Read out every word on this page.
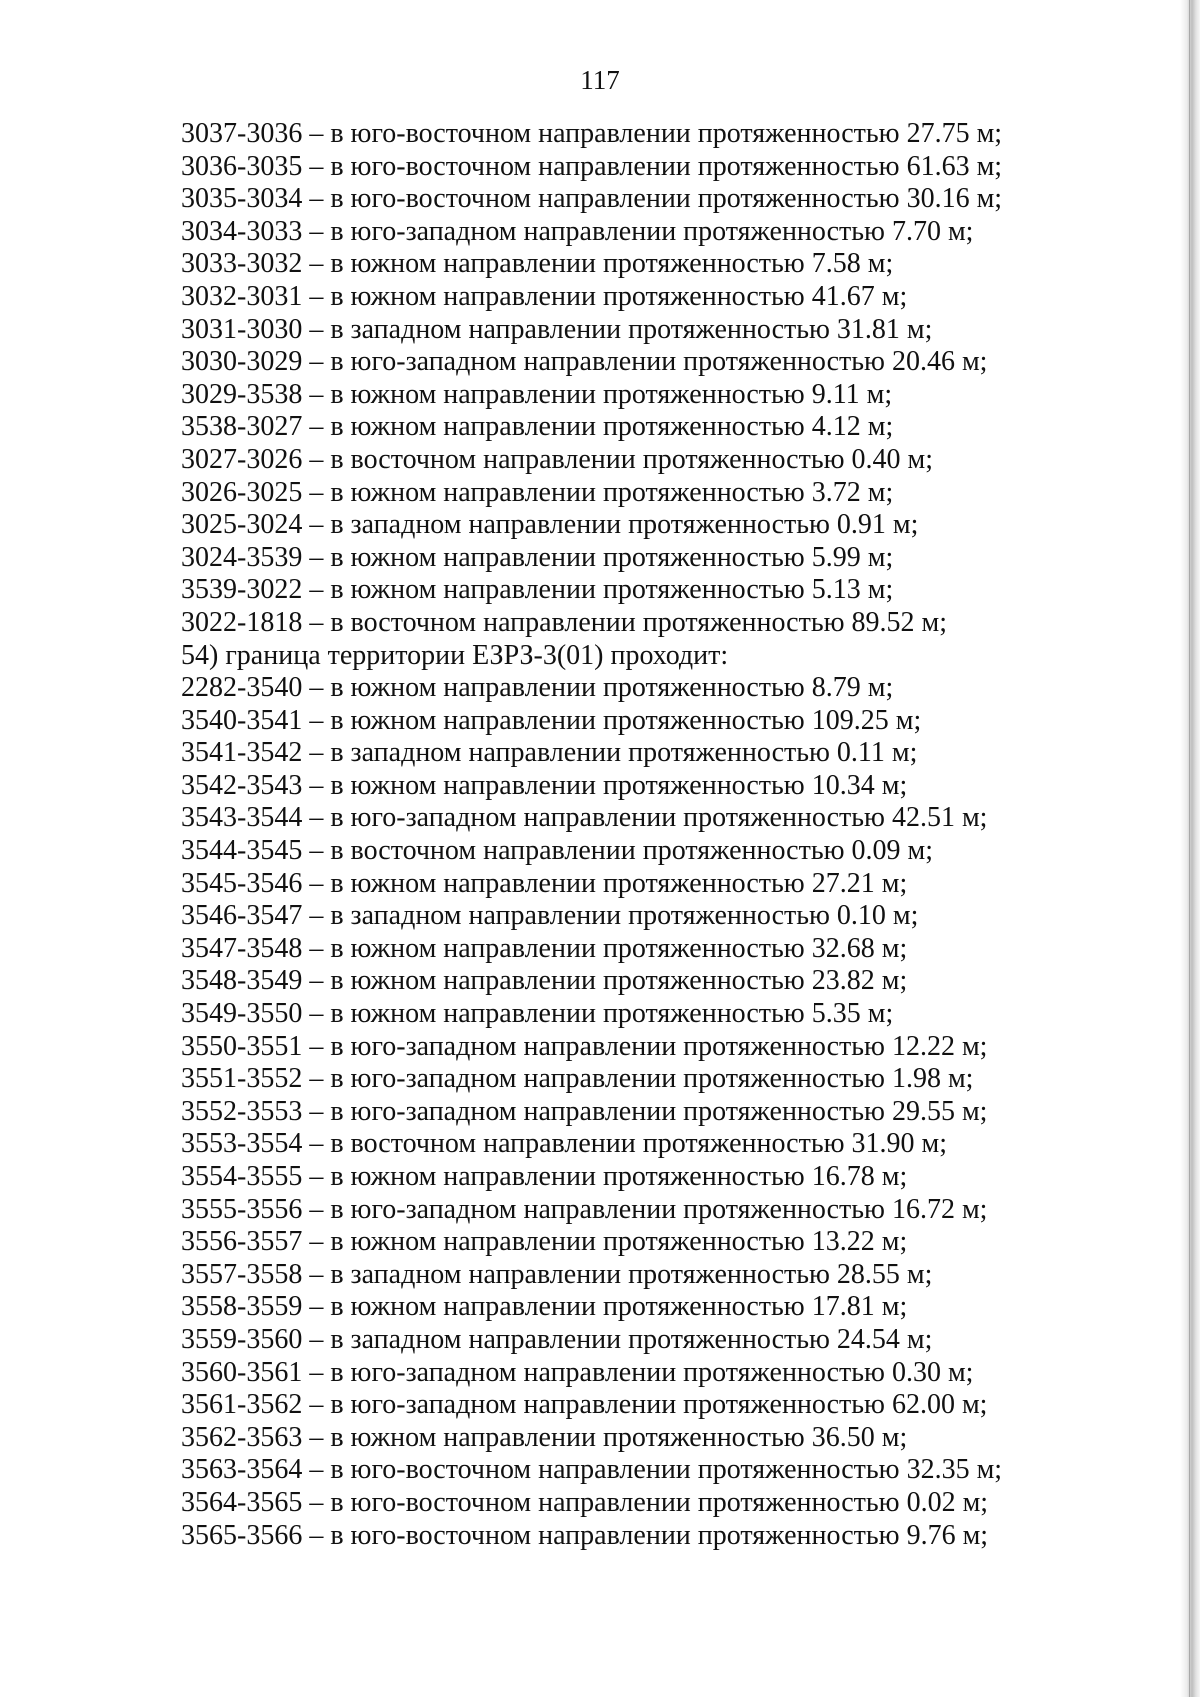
117
3037-3036 – в юго-восточном направлении протяженностью 27.75 м;
3036-3035 – в юго-восточном направлении протяженностью 61.63 м;
3035-3034 – в юго-восточном направлении протяженностью 30.16 м;
3034-3033 – в юго-западном направлении протяженностью 7.70 м;
3033-3032 – в южном направлении протяженностью 7.58 м;
3032-3031 – в южном направлении протяженностью 41.67 м;
3031-3030 – в западном направлении протяженностью 31.81 м;
3030-3029 – в юго-западном направлении протяженностью 20.46 м;
3029-3538 – в южном направлении протяженностью 9.11 м;
3538-3027 – в южном направлении протяженностью 4.12 м;
3027-3026 – в восточном направлении протяженностью 0.40 м;
3026-3025 – в южном направлении протяженностью 3.72 м;
3025-3024 – в западном направлении протяженностью 0.91 м;
3024-3539 – в южном направлении протяженностью 5.99 м;
3539-3022 – в южном направлении протяженностью 5.13 м;
3022-1818 – в восточном направлении протяженностью 89.52 м;
54) граница территории ЕЗРЗ-3(01) проходит:
2282-3540 – в южном направлении протяженностью 8.79 м;
3540-3541 – в южном направлении протяженностью 109.25 м;
3541-3542 – в западном направлении протяженностью 0.11 м;
3542-3543 – в южном направлении протяженностью 10.34 м;
3543-3544 – в юго-западном направлении протяженностью 42.51 м;
3544-3545 – в восточном направлении протяженностью 0.09 м;
3545-3546 – в южном направлении протяженностью 27.21 м;
3546-3547 – в западном направлении протяженностью 0.10 м;
3547-3548 – в южном направлении протяженностью 32.68 м;
3548-3549 – в южном направлении протяженностью 23.82 м;
3549-3550 – в южном направлении протяженностью 5.35 м;
3550-3551 – в юго-западном направлении протяженностью 12.22 м;
3551-3552 – в юго-западном направлении протяженностью 1.98 м;
3552-3553 – в юго-западном направлении протяженностью 29.55 м;
3553-3554 – в восточном направлении протяженностью 31.90 м;
3554-3555 – в южном направлении протяженностью 16.78 м;
3555-3556 – в юго-западном направлении протяженностью 16.72 м;
3556-3557 – в южном направлении протяженностью 13.22 м;
3557-3558 – в западном направлении протяженностью 28.55 м;
3558-3559 – в южном направлении протяженностью 17.81 м;
3559-3560 – в западном направлении протяженностью 24.54 м;
3560-3561 – в юго-западном направлении протяженностью 0.30 м;
3561-3562 – в юго-западном направлении протяженностью 62.00 м;
3562-3563 – в южном направлении протяженностью 36.50 м;
3563-3564 – в юго-восточном направлении протяженностью 32.35 м;
3564-3565 – в юго-восточном направлении протяженностью 0.02 м;
3565-3566 – в юго-восточном направлении протяженностью 9.76 м;
